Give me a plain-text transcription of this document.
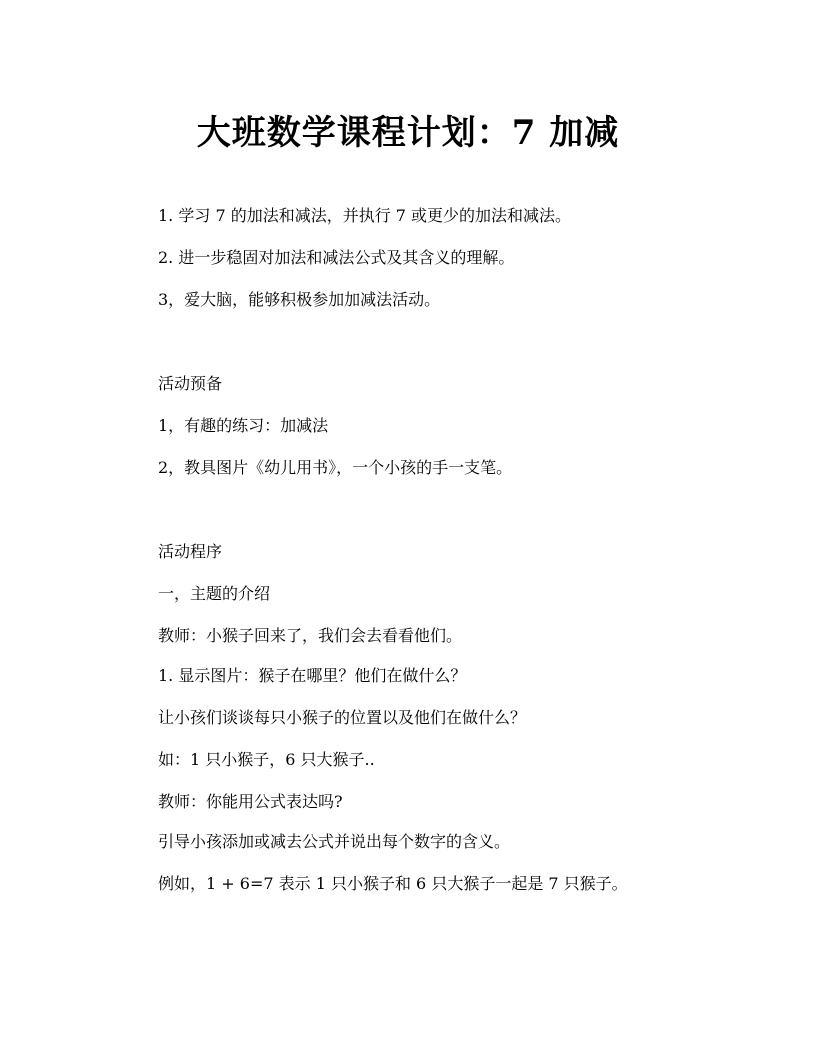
大班数学课程计划：7 加减
1. 学习 7 的加法和减法，并执行 7 或更少的加法和减法。
2. 进一步稳固对加法和减法公式及其含义的理解。
3，爱大脑，能够积极参加加减法活动。
活动预备
1，有趣的练习：加减法
2，教具图片《幼儿用书》，一个小孩的手一支笔。
活动程序
一，主题的介绍
教师：小猴子回来了，我们会去看看他们。
1. 显示图片：猴子在哪里？他们在做什么？
让小孩们谈谈每只小猴子的位置以及他们在做什么？
如：1 只小猴子，6 只大猴子..
教师：你能用公式表达吗?
引导小孩添加或减去公式并说出每个数字的含义。
例如，1 + 6=7 表示 1 只小猴子和 6 只大猴子一起是 7 只猴子。
